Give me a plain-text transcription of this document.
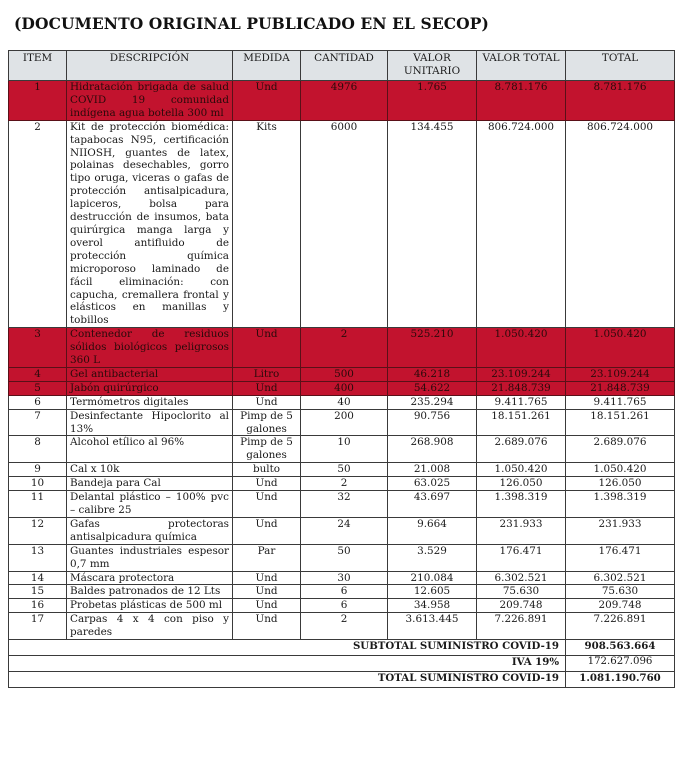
(DOCUMENTO ORIGINAL PUBLICADO EN EL SECOP)
ITEM	DESCRIPCIÓN	MEDIDA	CANTIDAD	VALOR UNITARIO	VALOR TOTAL	TOTAL
1	Hidratación brigada de salud COVID 19 comunidad indígena agua botella 300 ml	Und	4976	1.765	8.781.176	8.781.176
2	Kit de protección biomédica: tapabocas N95, certificación NIIOSH, guantes de latex, polainas desechables, gorro tipo oruga, viceras o gafas de protección antisalpicadura, lapiceros, bolsa para destrucción de insumos, bata quirúrgica manga larga y overol antifluido de protección química microporoso laminado de fácil eliminación: con capucha, cremallera frontal y elásticos en manillas y tobillos	Kits	6000	134.455	806.724.000	806.724.000
3	Contenedor de residuos sólidos biológicos peligrosos 360 L	Und	2	525.210	1.050.420	1.050.420
4	Gel antibacterial	Litro	500	46.218	23.109.244	23.109.244
5	Jabón quirúrgico	Und	400	54.622	21.848.739	21.848.739
6	Termómetros digitales	Und	40	235.294	9.411.765	9.411.765
7	Desinfectante Hipoclorito al 13%	Pimp de 5 galones	200	90.756	18.151.261	18.151.261
8	Alcohol etílico al 96%	Pimp de 5 galones	10	268.908	2.689.076	2.689.076
9	Cal x 10k	bulto	50	21.008	1.050.420	1.050.420
10	Bandeja para Cal	Und	2	63.025	126.050	126.050
11	Delantal plástico – 100% pvc – calibre 25	Und	32	43.697	1.398.319	1.398.319
12	Gafas protectoras antisalpicadura química	Und	24	9.664	231.933	231.933
13	Guantes industriales espesor 0,7 mm	Par	50	3.529	176.471	176.471
14	Máscara protectora	Und	30	210.084	6.302.521	6.302.521
15	Baldes patronados de 12 Lts	Und	6	12.605	75.630	75.630
16	Probetas plásticas de 500 ml	Und	6	34.958	209.748	209.748
17	Carpas 4 x 4 con piso y paredes	Und	2	3.613.445	7.226.891	7.226.891
SUBTOTAL SUMINISTRO COVID-19						908.563.664
IVA 19%						172.627.096
TOTAL SUMINISTRO COVID-19						1.081.190.760
